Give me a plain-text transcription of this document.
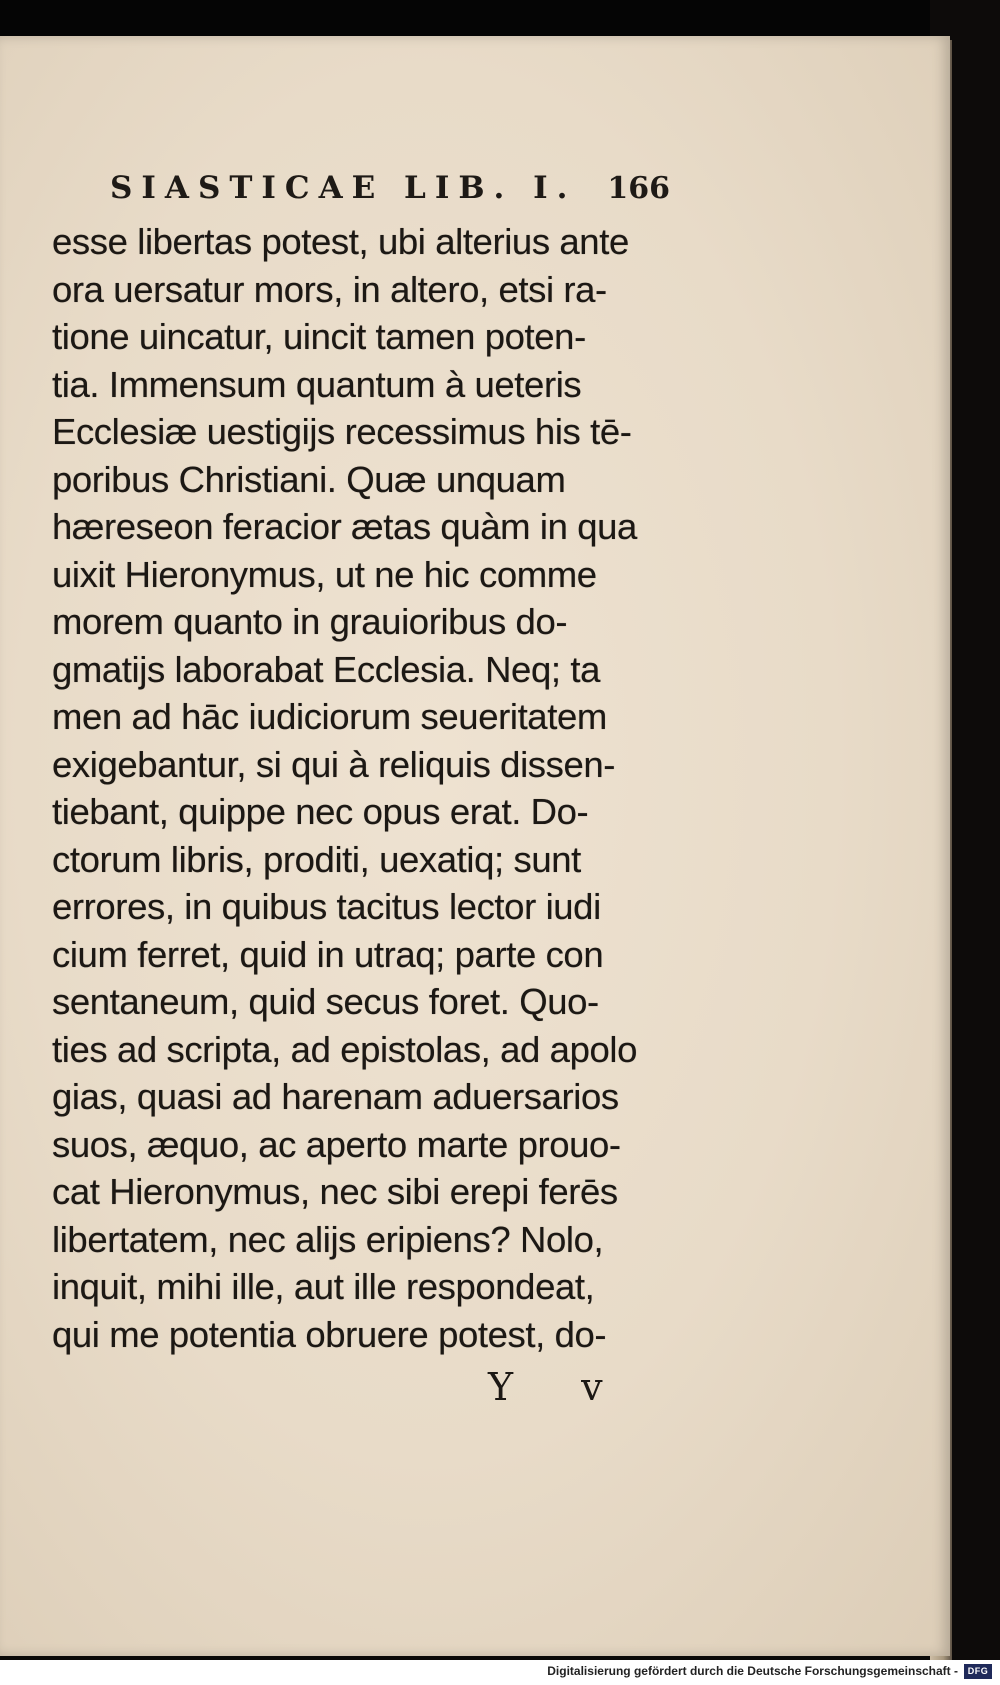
SIASTICAE LIB. I. 166
esse libertas potest, ubi alterius ante
ora uersatur mors, in altero, etsi ra-
tione uincatur, uincit tamen poten-
tia. Immensum quantum à ueteris
Ecclesiæ uestigijs recessimus his tē-
poribus Christiani. Quæ unquam
hæreseon feracior ætas quàm in qua
uixit Hieronymus, ut ne hic comme
morem quanto in grauioribus do-
gmatijs laborabat Ecclesia. Neq; ta
men ad hāc iudiciorum seueritatem
exigebantur, si qui à reliquis dissen-
tiebant, quippe nec opus erat. Do-
ctorum libris, proditi, uexatiq; sunt
errores, in quibus tacitus lector iudi
cium ferret, quid in utraq; parte con
sentaneum, quid secus foret. Quo-
ties ad scripta, ad epistolas, ad apolo
gias, quasi ad harenam aduersarios
suos, æquo, ac aperto marte prouo-
cat Hieronymus, nec sibi erepi ferēs
libertatem, nec alijs eripiens? Nolo,
inquit, mihi ille, aut ille respondeat,
qui me potentia obruere potest, do-
Y v
Digitalisierung gefördert durch die Deutsche Forschungsgemeinschaft -	DFG
